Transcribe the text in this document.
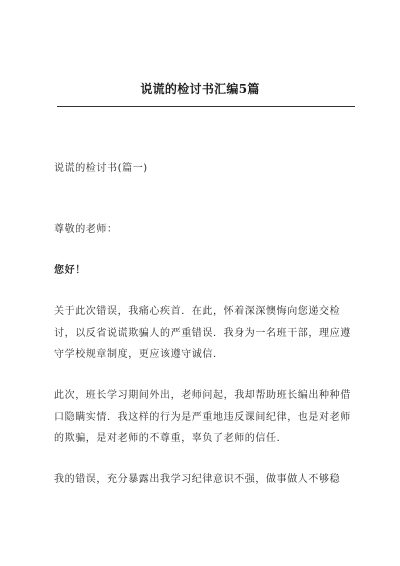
说谎的检讨书汇编5篇
说谎的检讨书(篇一)
尊敬的老师：
您好！
关于此次错误，我痛心疾首．在此，怀着深深懊悔向您递交检
讨，以反省说谎欺骗人的严重错误．我身为一名班干部，理应遵
守学校规章制度，更应该遵守诚信．
此次，班长学习期间外出，老师问起，我却帮助班长编出种种借
口隐瞒实情．我这样的行为是严重地违反课间纪律，也是对老师
的欺骗，是对老师的不尊重，辜负了老师的信任．
我的错误，充分暴露出我学习纪律意识不强，做事做人不够稳
